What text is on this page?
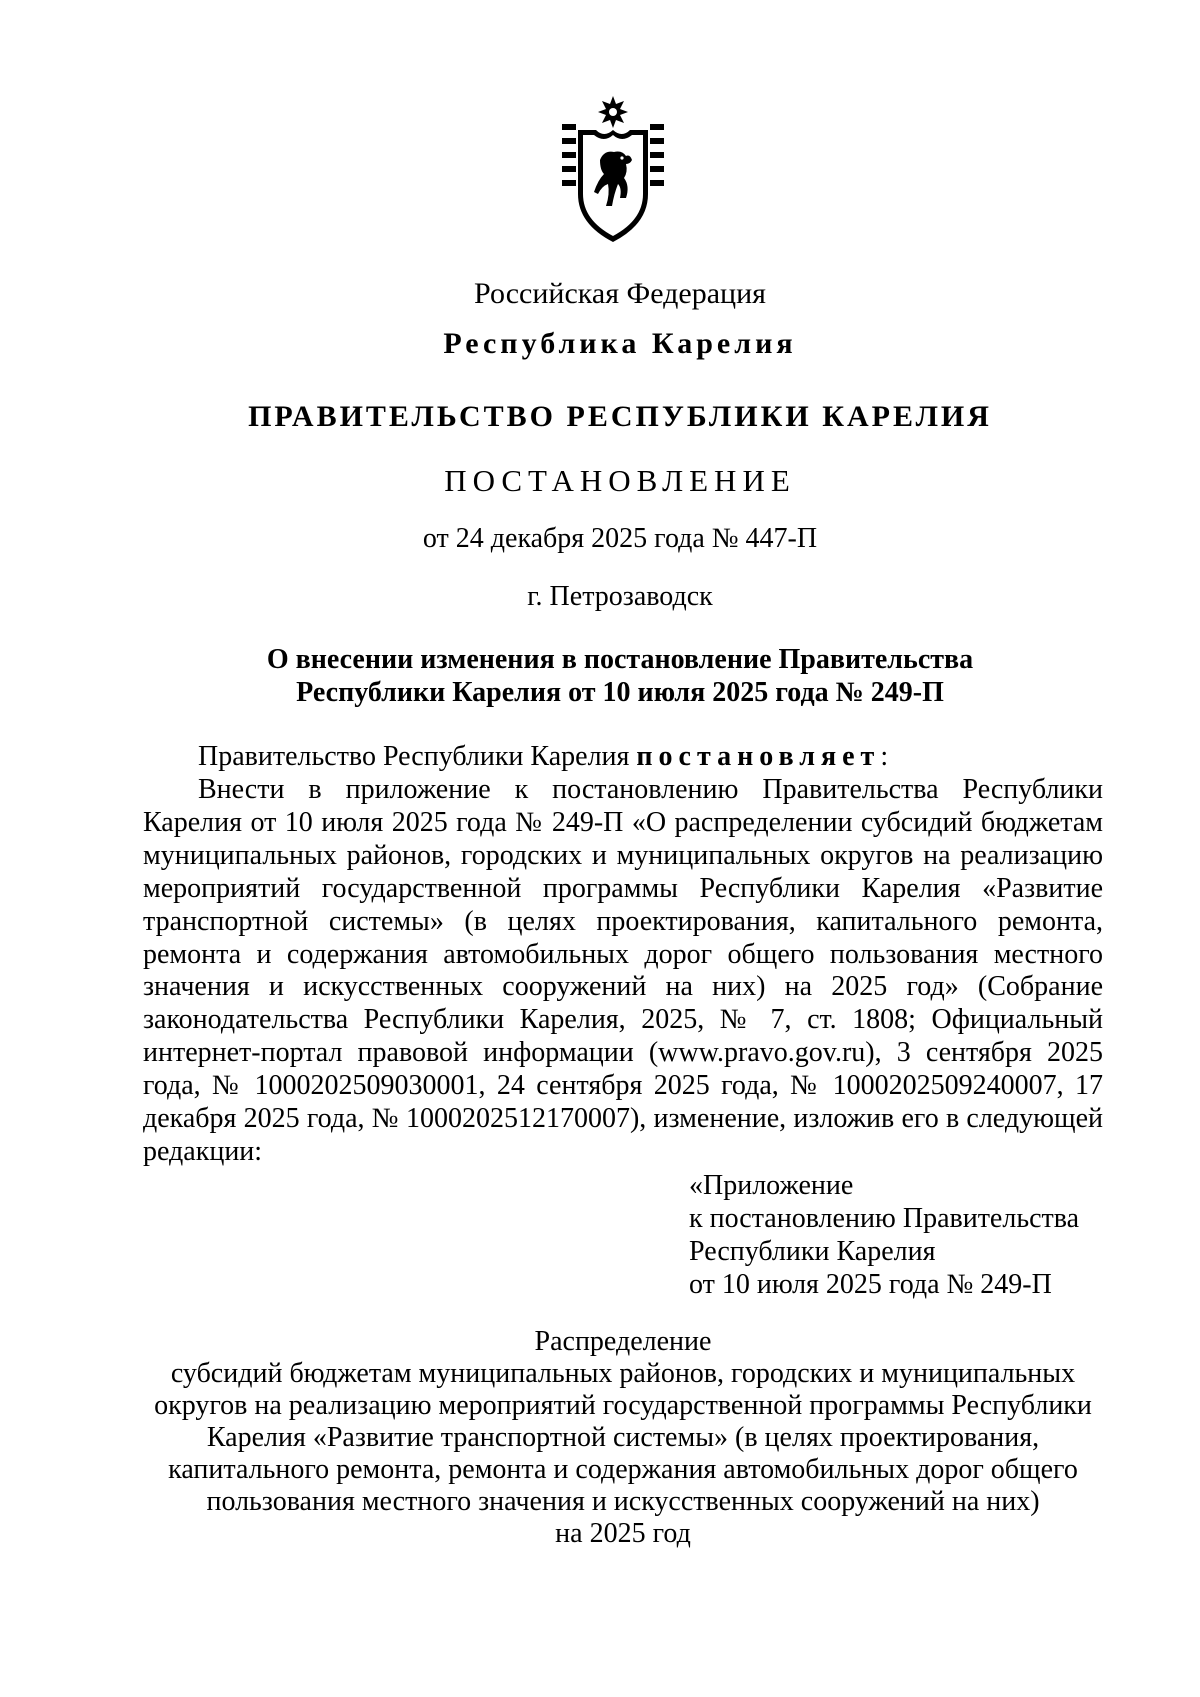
Российская Федерация
Республика Карелия
ПРАВИТЕЛЬСТВО РЕСПУБЛИКИ КАРЕЛИЯ
ПОСТАНОВЛЕНИЕ
от 24 декабря 2025 года № 447-П
г. Петрозаводск
О внесении изменения в постановление Правительства
Республики Карелия от 10 июля 2025 года № 249-П
Правительство Республики Карелия постановляет:
Внести в приложение к постановлению Правительства Республики Карелия от 10 июля 2025 года № 249-П «О распределении субсидий бюджетам муниципальных районов, городских и муниципальных округов на реализацию мероприятий государственной программы Республики Карелия «Развитие транспортной системы» (в целях проектирования, капитального ремонта, ремонта и содержания автомобильных дорог общего пользования местного значения и искусственных сооружений на них) на 2025 год» (Собрание законодательства Республики Карелия, 2025, № 7, ст. 1808; Официальный интернет-портал правовой информации (www.pravo.gov.ru), 3 сентября 2025 года, № 1000202509030001, 24 сентября 2025 года, № 1000202509240007, 17 декабря 2025 года, № 1000202512170007), изменение, изложив его в следующей редакции:
«Приложение
к постановлению Правительства
Республики Карелия
от 10 июля 2025 года № 249-П
Распределение
субсидий бюджетам муниципальных районов, городских и муниципальных
округов на реализацию мероприятий государственной программы Республики
Карелия «Развитие транспортной системы» (в целях проектирования,
капитального ремонта, ремонта и содержания автомобильных дорог общего
пользования местного значения и искусственных сооружений на них)
на 2025 год
